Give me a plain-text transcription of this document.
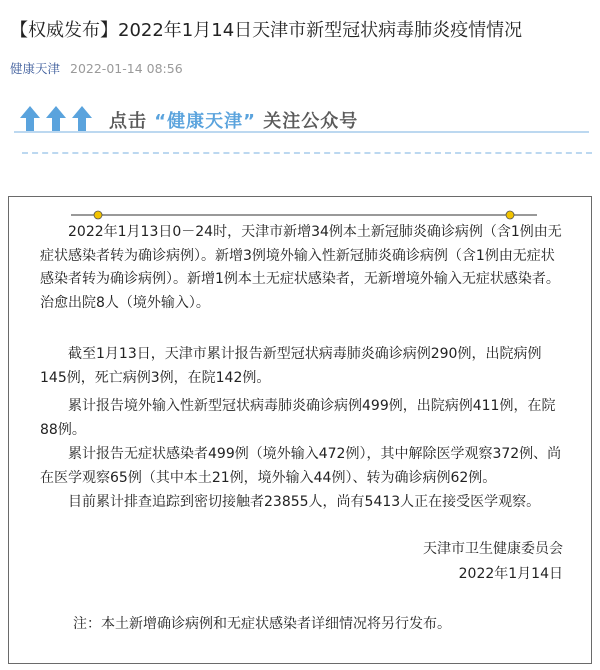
【权威发布】2022年1月14日天津市新型冠状病毒肺炎疫情情况
健康天津 2022-01-14 08:56
点击 “健康天津” 关注公众号

2022年1月13日0－24时，天津市新增34例本土新冠肺炎确诊病例（含1例由无症状感染者转为确诊病例）。新增3例境外输入性新冠肺炎确诊病例（含1例由无症状感染者转为确诊病例）。新增1例本土无症状感染者，无新增境外输入无症状感染者。治愈出院8人（境外输入）。

截至1月13日，天津市累计报告新型冠状病毒肺炎确诊病例290例，出院病例145例，死亡病例3例，在院142例。

累计报告境外输入性新型冠状病毒肺炎确诊病例499例，出院病例411例，在院88例。

累计报告无症状感染者499例（境外输入472例），其中解除医学观察372例、尚在医学观察65例（其中本土21例，境外输入44例）、转为确诊病例62例。

目前累计排查追踪到密切接触者23855人，尚有5413人正在接受医学观察。

天津市卫生健康委员会
2022年1月14日
注：本土新增确诊病例和无症状感染者详细情况将另行发布。
